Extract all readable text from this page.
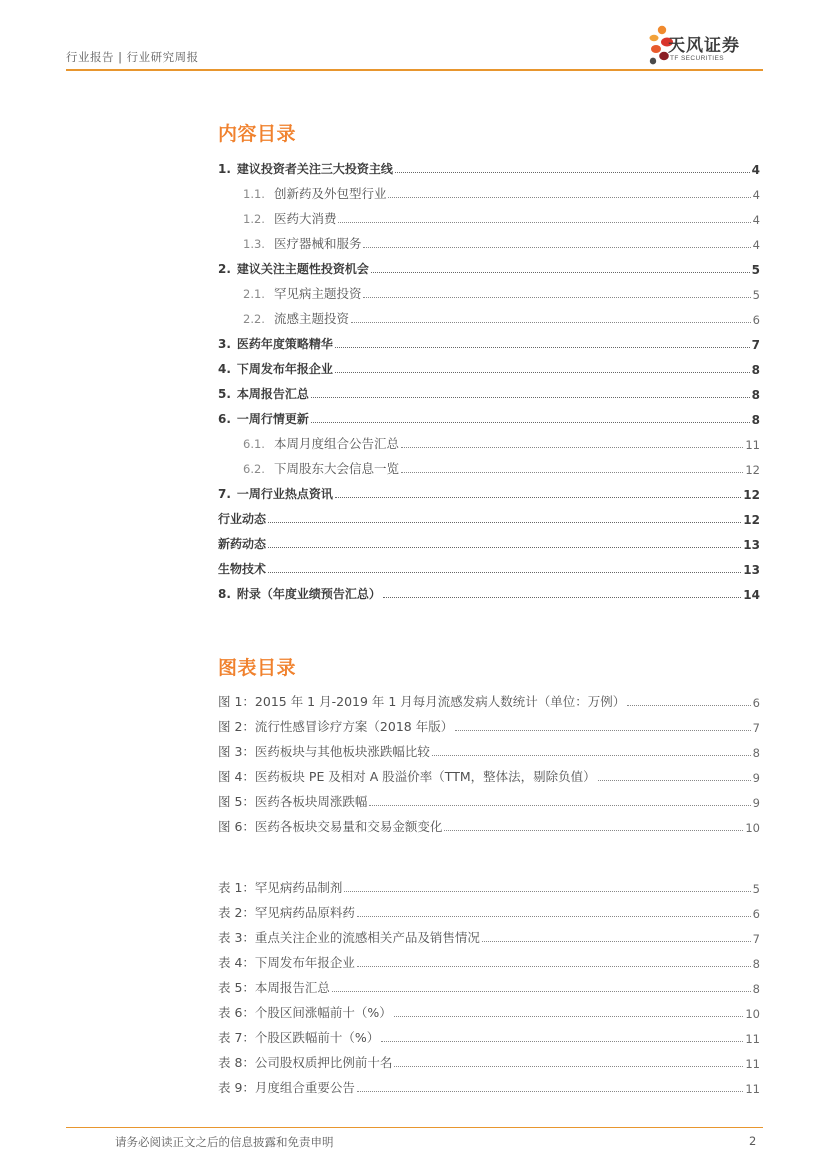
行业报告 | 行业研究周报
天风证券
TF SECURITIES
内容目录
1. 建议投资者关注三大投资主线	4
1.1. 创新药及外包型行业	4
1.2. 医药大消费	4
1.3. 医疗器械和服务	4
2. 建议关注主题性投资机会	5
2.1. 罕见病主题投资	5
2.2. 流感主题投资	6
3. 医药年度策略精华	7
4. 下周发布年报企业	8
5. 本周报告汇总	8
6. 一周行情更新	8
6.1. 本周月度组合公告汇总	11
6.2. 下周股东大会信息一览	12
7. 一周行业热点资讯	12
行业动态	12
新药动态	13
生物技术	13
8. 附录（年度业绩预告汇总）	14
图表目录
图 1：2015 年 1 月-2019 年 1 月每月流感发病人数统计（单位：万例）	6
图 2：流行性感冒诊疗方案（2018 年版）	7
图 3：医药板块与其他板块涨跌幅比较	8
图 4：医药板块 PE 及相对 A 股溢价率（TTM，整体法，剔除负值）	9
图 5：医药各板块周涨跌幅	9
图 6：医药各板块交易量和交易金额变化	10
表 1：罕见病药品制剂	5
表 2：罕见病药品原料药	6
表 3：重点关注企业的流感相关产品及销售情况	7
表 4：下周发布年报企业	8
表 5：本周报告汇总	8
表 6：个股区间涨幅前十（%）	10
表 7：个股区跌幅前十（%）	11
表 8：公司股权质押比例前十名	11
表 9：月度组合重要公告	11
请务必阅读正文之后的信息披露和免责申明	2
